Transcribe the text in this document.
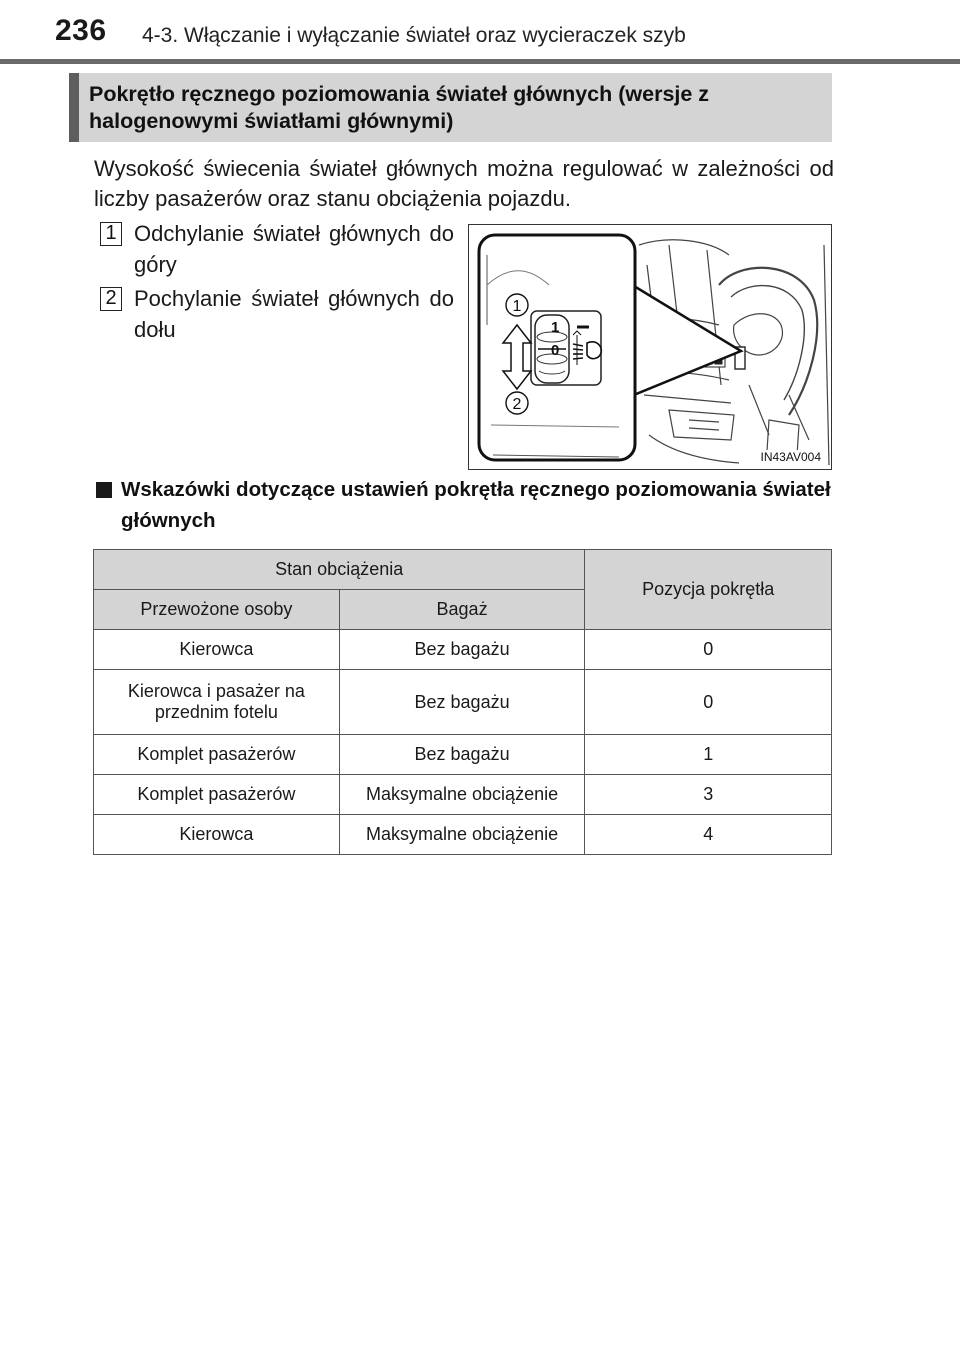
236 4-3. Włączanie i wyłączanie świateł oraz wycieraczek szyb
Pokrętło ręcznego poziomowania świateł głównych (wersje z halogenowymi światłami głównymi)
Wysokość świecenia świateł głównych można regulować w zależności od liczby pasażerów oraz stanu obciążenia pojazdu.
1 Odchylanie świateł głównych do góry
2 Pochylanie świateł głównych do dołu	1
0
1
2
IN43AV004
Wskazówki dotyczące ustawień pokrętła ręcznego poziomowania świateł głównych
Stan obciążenia		Pozycja pokrętła
Przewożone osoby	Bagaż	
Kierowca	Bez bagażu	0
Kierowca i pasażer na przednim fotelu	Bez bagażu	0
Komplet pasażerów	Bez bagażu	1
Komplet pasażerów	Maksymalne obciążenie	3
Kierowca	Maksymalne obciążenie	4
